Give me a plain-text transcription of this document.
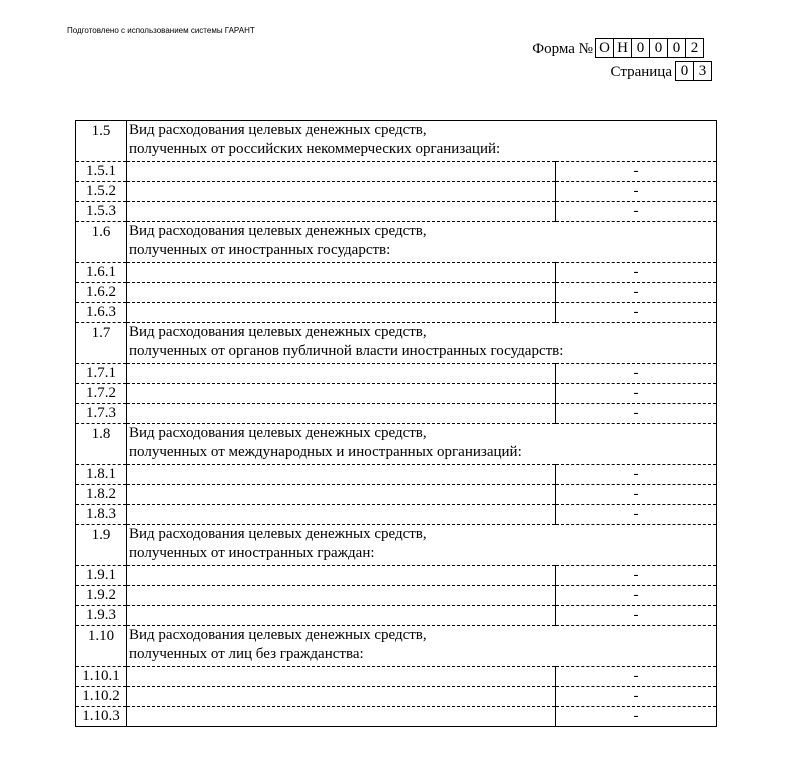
Подготовлено с использованием системы ГАРАНТ
Форма № О Н 0 0 0 2
Страница 0 3
1.5	Вид расходования целевых денежных средств,
полученных от российских некоммерческих организаций:	

1.5.1		-
1.5.2		-
1.5.3		-
1.6	Вид расходования целевых денежных средств,
полученных от иностранных государств:	

1.6.1		-
1.6.2		-
1.6.3		-
1.7	Вид расходования целевых денежных средств,
полученных от органов публичной власти иностранных государств:	

1.7.1		-
1.7.2		-
1.7.3		-
1.8	Вид расходования целевых денежных средств,
полученных от международных и иностранных организаций:	

1.8.1		-
1.8.2		-
1.8.3		-
1.9	Вид расходования целевых денежных средств,
полученных от иностранных граждан:	

1.9.1		-
1.9.2		-
1.9.3		-
1.10	Вид расходования целевых денежных средств,
полученных от лиц без гражданства:	

1.10.1		-
1.10.2		-
1.10.3		-
